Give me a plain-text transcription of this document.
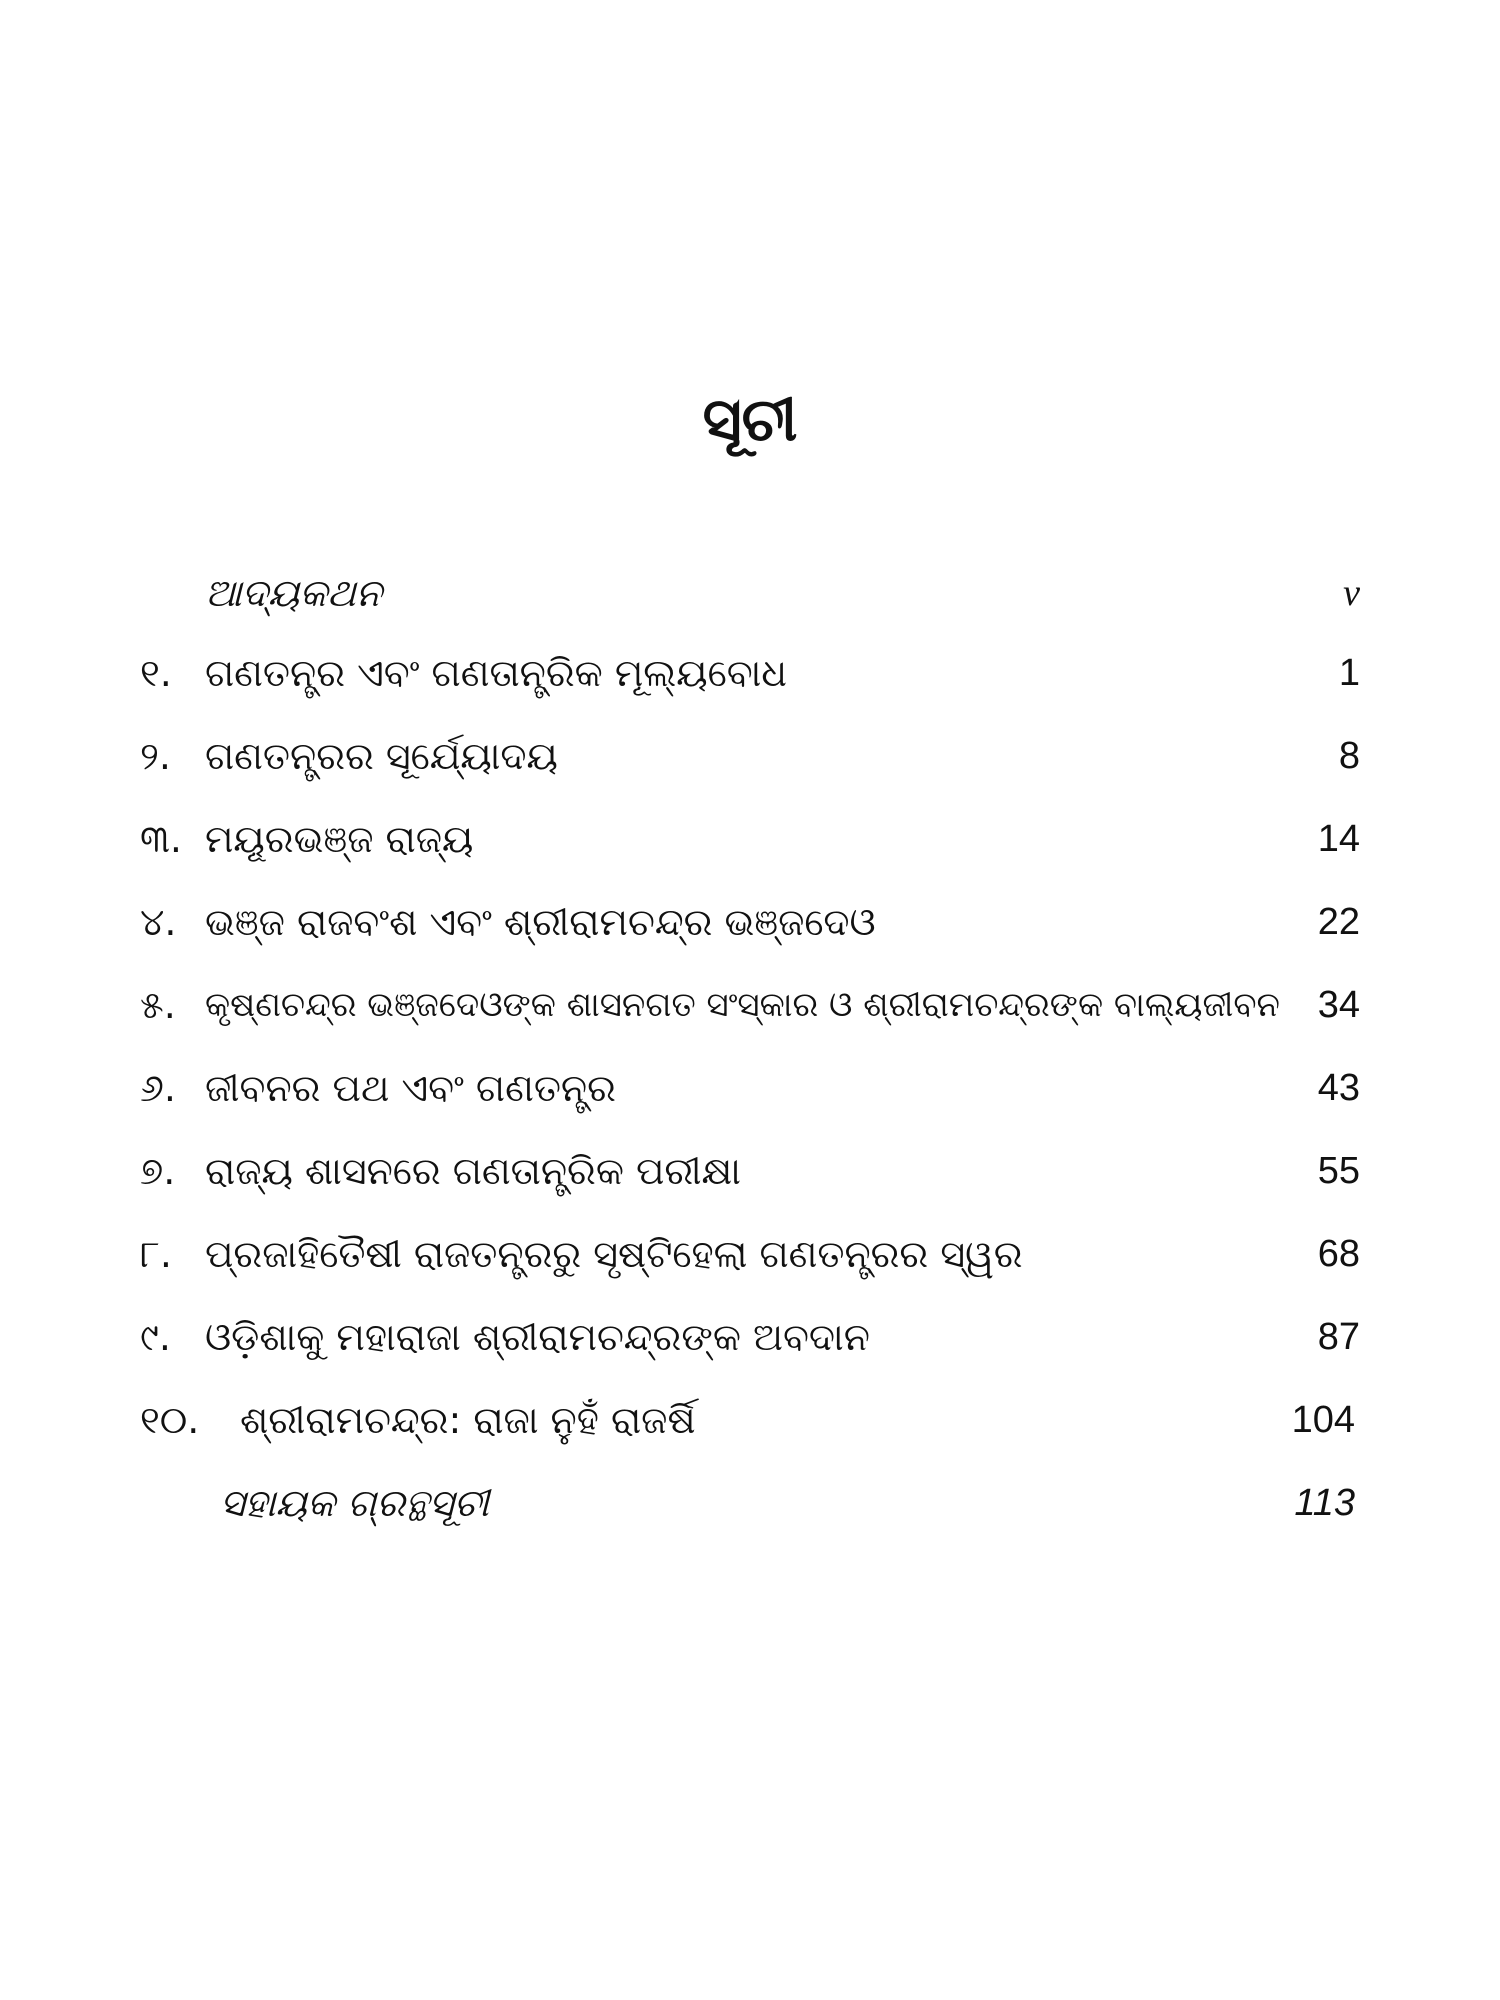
ସୂଚୀ
ଆଦ୍ୟକଥନ	v
୧. ଗଣତନ୍ତ୍ର ଏବଂ ଗଣତାନ୍ତ୍ରିକ ମୂଲ୍ୟବୋଧ	1
୨. ଗଣତନ୍ତ୍ରର ସୂର୍ଯ୍ୟୋଦୟ	8
୩. ମୟୂରଭଞ୍ଜ ରାଜ୍ୟ	14
୪. ଭଞ୍ଜ ରାଜବଂଶ ଏବଂ ଶ୍ରୀରାମଚନ୍ଦ୍ର ଭଞ୍ଜଦେଓ	22
୫. କୃଷ୍ଣଚନ୍ଦ୍ର ଭଞ୍ଜଦେଓଙ୍କ ଶାସନଗତ ସଂସ୍କାର ଓ ଶ୍ରୀରାମଚନ୍ଦ୍ରଙ୍କ ବାଲ୍ୟଜୀବନ 34
୬. ଜୀବନର ପଥ ଏବଂ ଗଣତନ୍ତ୍ର	43
୭. ରାଜ୍ୟ ଶାସନରେ ଗଣତାନ୍ତ୍ରିକ ପରୀକ୍ଷା	55
୮. ପ୍ରଜାହିତୈଷୀ ରାଜତନ୍ତ୍ରରୁ ସୃଷ୍ଟିହେଲା ଗଣତନ୍ତ୍ରର ସ୍ୱର	68
୯. ଓଡ଼ିଶାକୁ ମହାରାଜା ଶ୍ରୀରାମଚନ୍ଦ୍ରଙ୍କ ଅବଦାନ	87
୧୦. ଶ୍ରୀରାମଚନ୍ଦ୍ର: ରାଜା ନୁହଁ ରାଜର୍ଷି	104
ସହାୟକ ଗ୍ରନ୍ଥସୂଚୀ	113
